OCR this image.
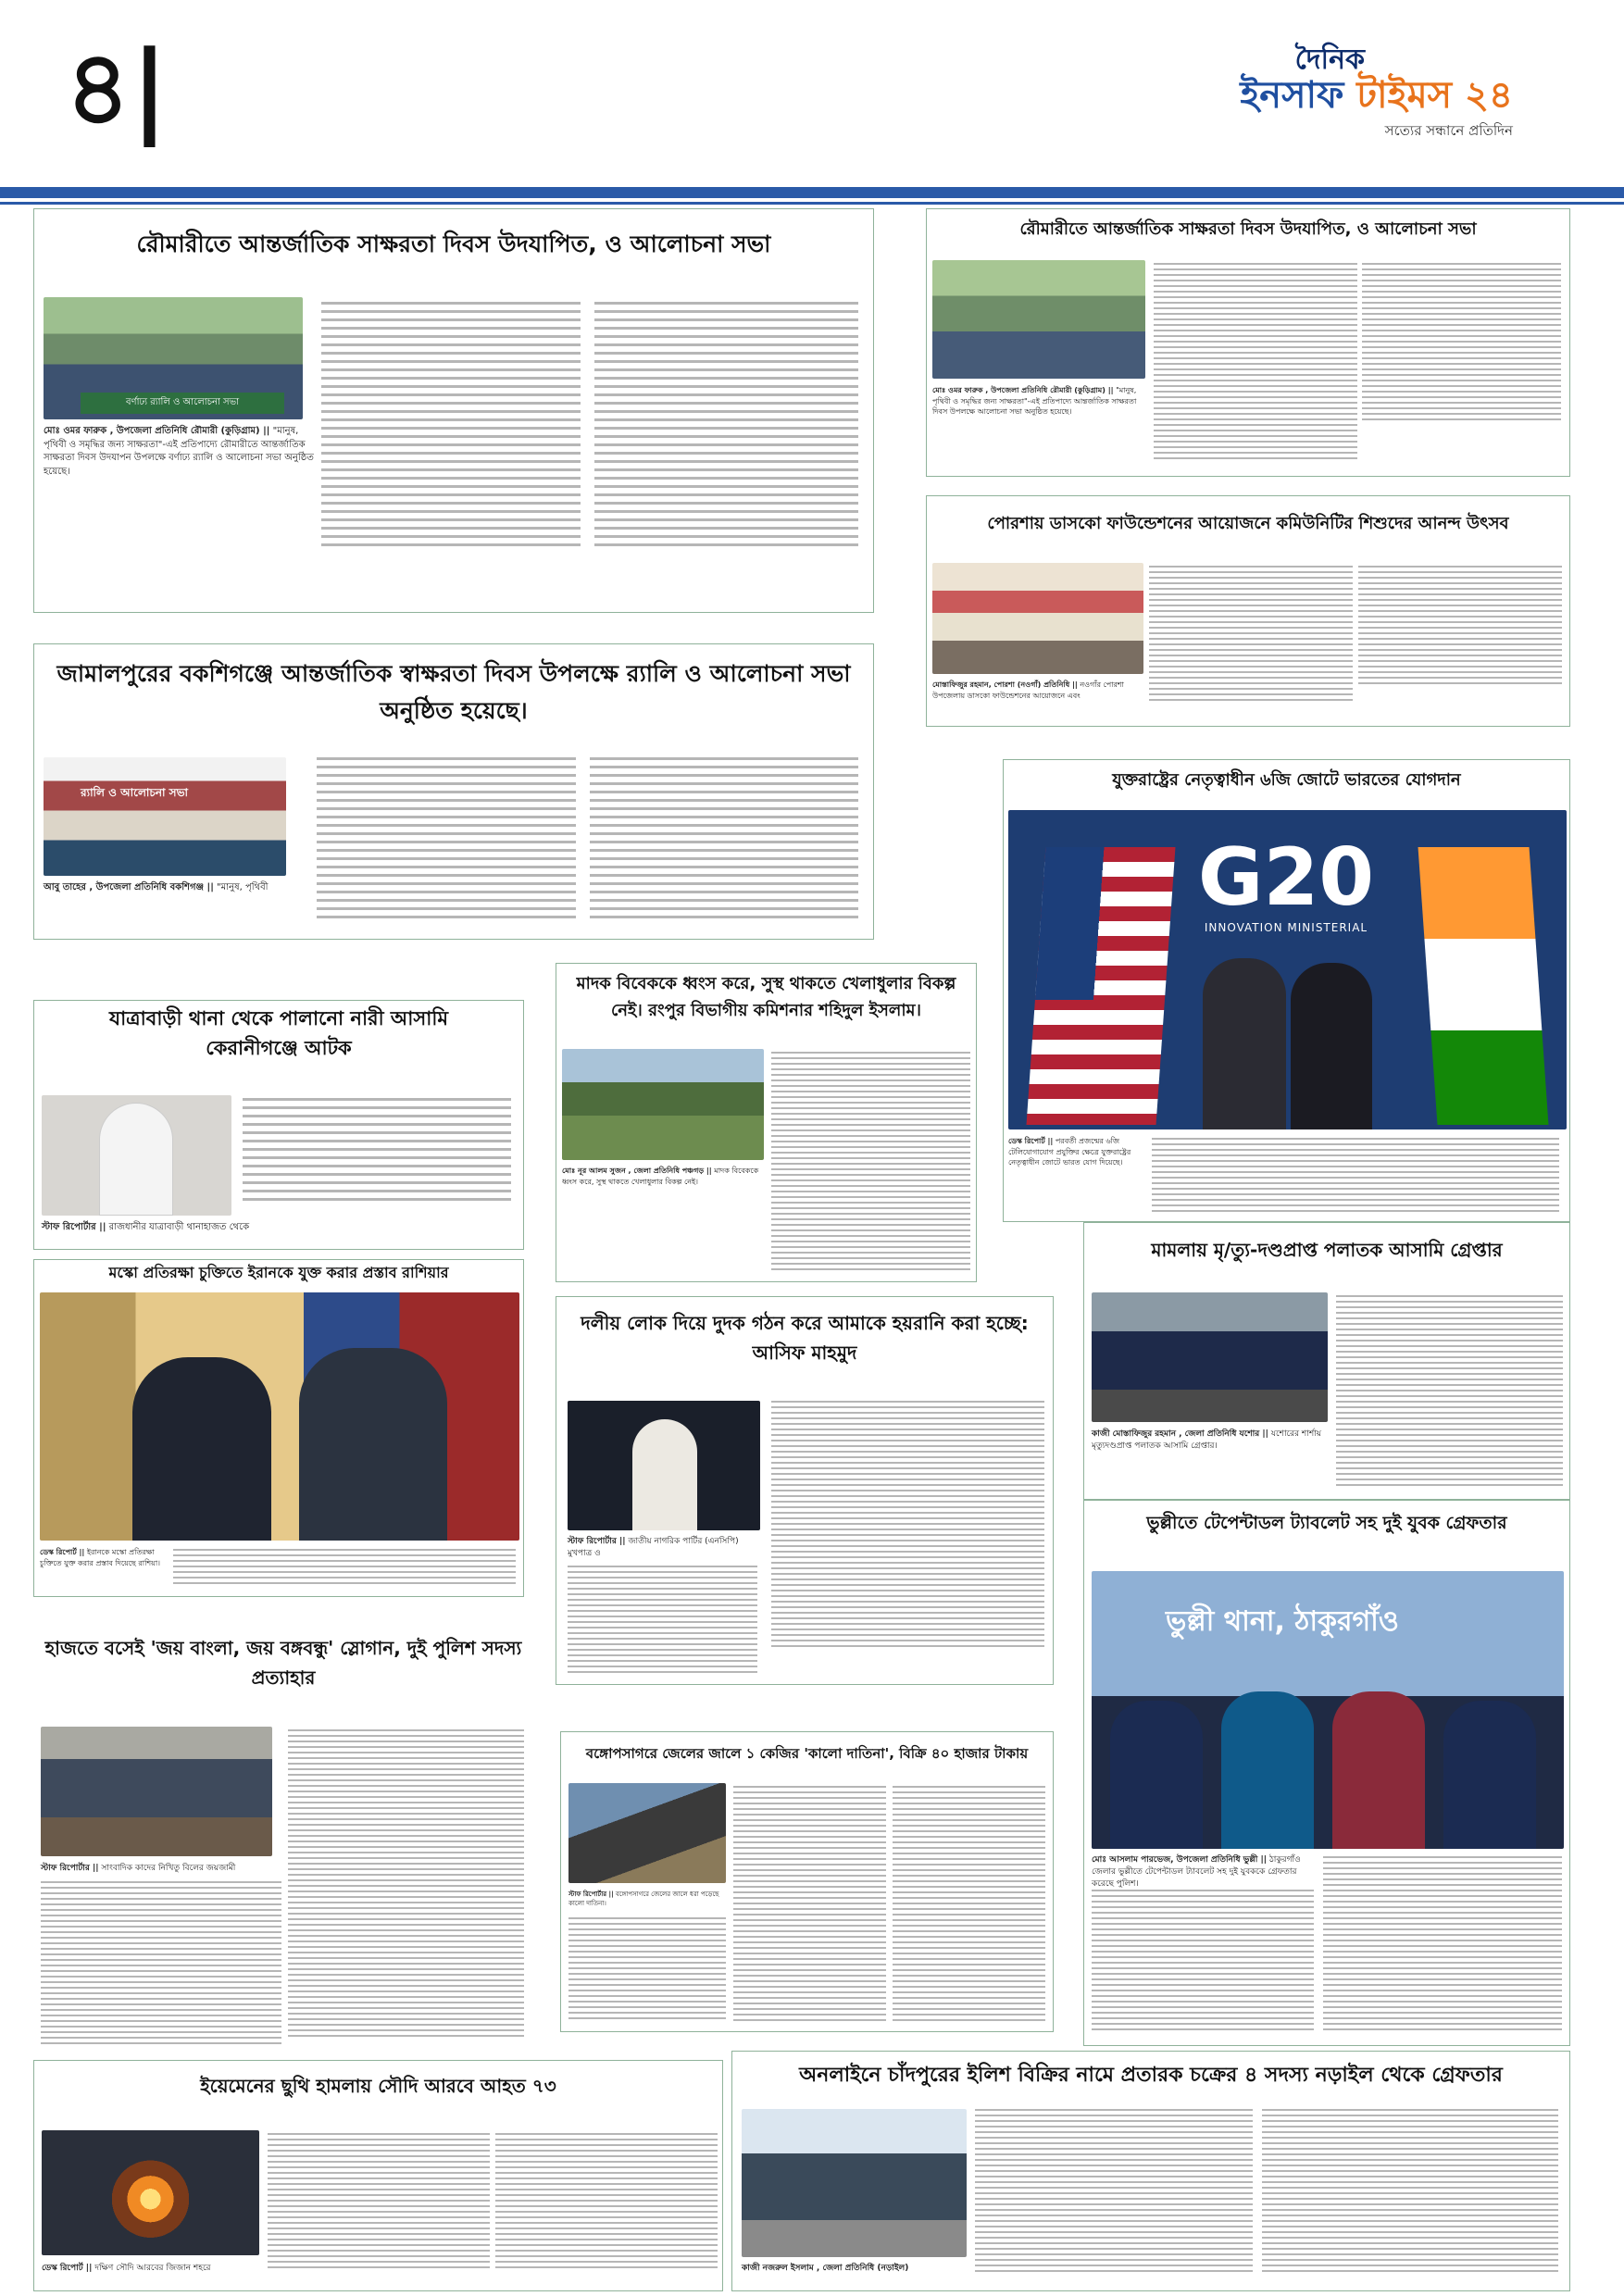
৪|	দৈনিক
ইনসাফ টাইমস ২৪
সত্যের সন্ধানে প্রতিদিন
রৌমারীতে আন্তর্জাতিক সাক্ষরতা দিবস উদযাপিত, ও আলোচনা সভা
বর্ণাঢ্য র‍্যালি ও আলোচনা সভা
মোঃ ওমর ফারুক , উপজেলা প্রতিনিধি রৌমারী (কুড়িগ্রাম) || "মানুষ, পৃথিবী ও সমৃদ্ধির জন্য সাক্ষরতা"-এই প্রতিপাদ্যে রৌমারীতে আন্তর্জাতিক সাক্ষরতা দিবস উদযাপন উপলক্ষে বর্ণাঢ্য র‍্যালি ও আলোচনা সভা অনুষ্ঠিত হয়েছে।
রৌমারীতে আন্তর্জাতিক সাক্ষরতা দিবস উদযাপিত, ও আলোচনা সভা
মোঃ ওমর ফারুক , উপজেলা প্রতিনিধি রৌমারী (কুড়িগ্রাম) || "মানুষ, পৃথিবী ও সমৃদ্ধির জন্য সাক্ষরতা"-এই প্রতিপাদ্যে আন্তর্জাতিক সাক্ষরতা দিবস উপলক্ষে আলোচনা সভা অনুষ্ঠিত হয়েছে।
পোরশায় ডাসকো ফাউন্ডেশনের আয়োজনে কমিউনিটির শিশুদের আনন্দ উৎসব
মোস্তাফিজুর রহমান, পোরশা (নওগাঁ) প্রতিনিধি || নওগাঁর পোরশা উপজেলায় ডাসকো ফাউন্ডেশনের আয়োজনে এবং
জামালপুরের বকশিগঞ্জে আন্তর্জাতিক স্বাক্ষরতা দিবস উপলক্ষে র‍্যালি ও আলোচনা সভা অনুষ্ঠিত হয়েছে।
র‍্যালি ও আলোচনা সভা
আবু তাহের , উপজেলা প্রতিনিধি বকশিগঞ্জ || "মানুষ, পৃথিবী
যাত্রাবাড়ী থানা থেকে পালানো নারী আসামি কেরানীগঞ্জে আটক
স্টাফ রিপোর্টার || রাজধানীর যাত্রাবাড়ী থানাহাজত থেকে
মাদক বিবেককে ধ্বংস করে, সুস্থ থাকতে খেলাধুলার বিকল্প নেই। রংপুর বিভাগীয় কমিশনার শহিদুল ইসলাম।
মোঃ নূর আলম সুজন , জেলা প্রতিনিধি পঞ্চগড় || মাদক বিবেককে ধ্বংস করে, সুস্থ থাকতে খেলাধুলার বিকল্প নেই।
যুক্তরাষ্ট্রের নেতৃত্বাধীন ৬জি জোটে ভারতের যোগদান
G20
INNOVATION MINISTERIAL
ডেস্ক রিপোর্ট || পরবর্তী প্রজন্মের ৬জি টেলিযোগাযোগ প্রযুক্তির ক্ষেত্রে যুক্তরাষ্ট্রের নেতৃত্বাধীন জোটে ভারত যোগ দিয়েছে।
মস্কো প্রতিরক্ষা চুক্তিতে ইরানকে যুক্ত করার প্রস্তাব রাশিয়ার
ডেস্ক রিপোর্ট || ইরানকে মস্কো প্রতিরক্ষা চুক্তিতে যুক্ত করার প্রস্তাব দিয়েছে রাশিয়া।
দলীয় লোক দিয়ে দুদক গঠন করে আমাকে হয়রানি করা হচ্ছে: আসিফ মাহমুদ
স্টাফ রিপোর্টার || জাতীয় নাগরিক পার্টির (এনসিপি) মুখপাত্র ও
মামলায় মৃ/ত্যু-দণ্ডপ্রাপ্ত পলাতক আসামি গ্রেপ্তার
কাজী মোস্তাফিজুর রহমান , জেলা প্রতিনিধি যশোর || যশোরের শার্শায় মৃত্যুদণ্ডপ্রাপ্ত পলাতক আসামি গ্রেপ্তার।
হাজতে বসেই 'জয় বাংলা, জয় বঙ্গবন্ধু' স্লোগান, দুই পুলিশ সদস্য প্রত্যাহার
স্টাফ রিপোর্টার || সাংবাদিক কাদের নিখিতু বিলের জয়জামী
বঙ্গোপসাগরে জেলের জালে ১ কেজির 'কালো দাতিনা', বিক্রি ৪০ হাজার টাকায়
স্টাফ রিপোর্টার || বঙ্গোপসাগরে জেলের জালে ধরা পড়েছে কালো দাতিনা।
ভুল্লীতে টেপেন্টাডল ট্যাবলেট সহ দুই যুবক গ্রেফতার
ভুল্লী থানা, ঠাকুরগাঁও
মোঃ আসলাম পারভেজ, উপজেলা প্রতিনিধি ভুল্লী || ঠাকুরগাঁও জেলার ভুল্লীতে টেপেন্টাডল ট্যাবলেট সহ দুই যুবককে গ্রেফতার করেছে পুলিশ।
ইয়েমেনের ছুথি হামলায় সৌদি আরবে আহত ৭৩
ডেস্ক রিপোর্ট || দক্ষিণ সৌদি আরবের জিজান শহরে
অনলাইনে চাঁদপুরের ইলিশ বিক্রির নামে প্রতারক চক্রের ৪ সদস্য নড়াইল থেকে গ্রেফতার
কাজী নজরুল ইসলাম , জেলা প্রতিনিধি (নড়াইল)
